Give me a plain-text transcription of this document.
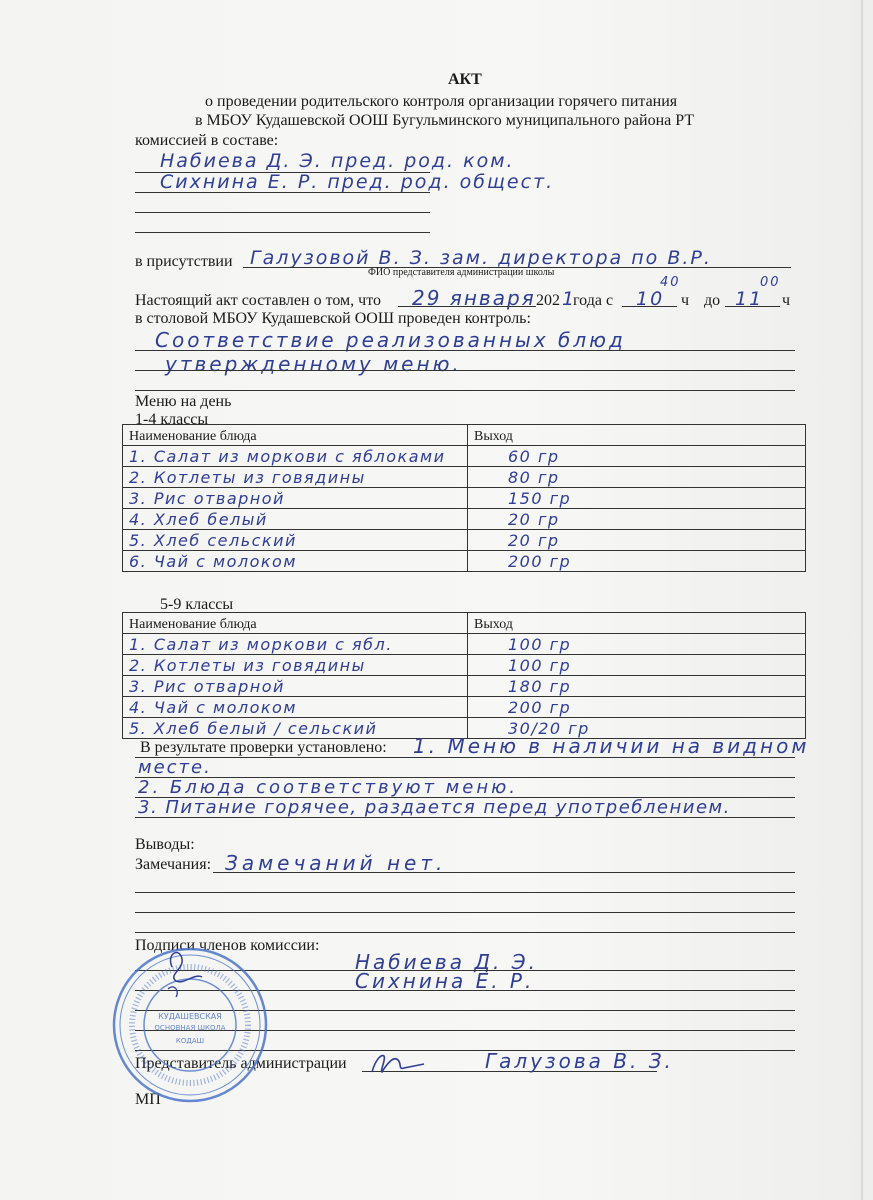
АКТ
о проведении родительского контроля организации горячего питания
в МБОУ Кудашевской ООШ Бугульминского муниципального района РТ
комиссией в составе:
Набиева Д. Э. пред. род. ком.
Сихнина Е. Р. пред. род. общест.
в присутствии Галузовой В. З. зам. директора по В.Р.
ФИО представителя администрации школы
Настоящий акт составлен о том, что 29 января 202 1
года с 10
40
ч до 11
00
ч
в столовой МБОУ Кудашевской ООШ проведен контроль:
Соответствие реализованных блюд
утвержденному меню.
Меню на день
1-4 классы
Наименование блюда	Выход
1. Салат из моркови с яблоками	60 гр
2. Котлеты из говядины	80 гр
3. Рис отварной	150 гр
4. Хлеб белый	20 гр
5. Хлеб сельский	20 гр
6. Чай с молоком	200 гр
5-9 классы
Наименование блюда	Выход
1. Салат из моркови с ябл.	100 гр
2. Котлеты из говядины	100 гр
3. Рис отварной	180 гр
4. Чай с молоком	200 гр
5. Хлеб белый / сельский	30/20 гр
В результате проверки установлено: 1. Меню в наличии на видном
месте.
2. Блюда соответствуют меню.
3. Питание горячее, раздается перед употреблением.
Выводы:
Замечания: Замечаний нет.
Подписи членов комиссии:
Набиева Д. Э.
Сихнина Е. Р.
Представитель администрации	Галузова В. З.
МП
КУДАШЕВСКАЯ
ОСНОВНАЯ ШКОЛА
КОДАШ
